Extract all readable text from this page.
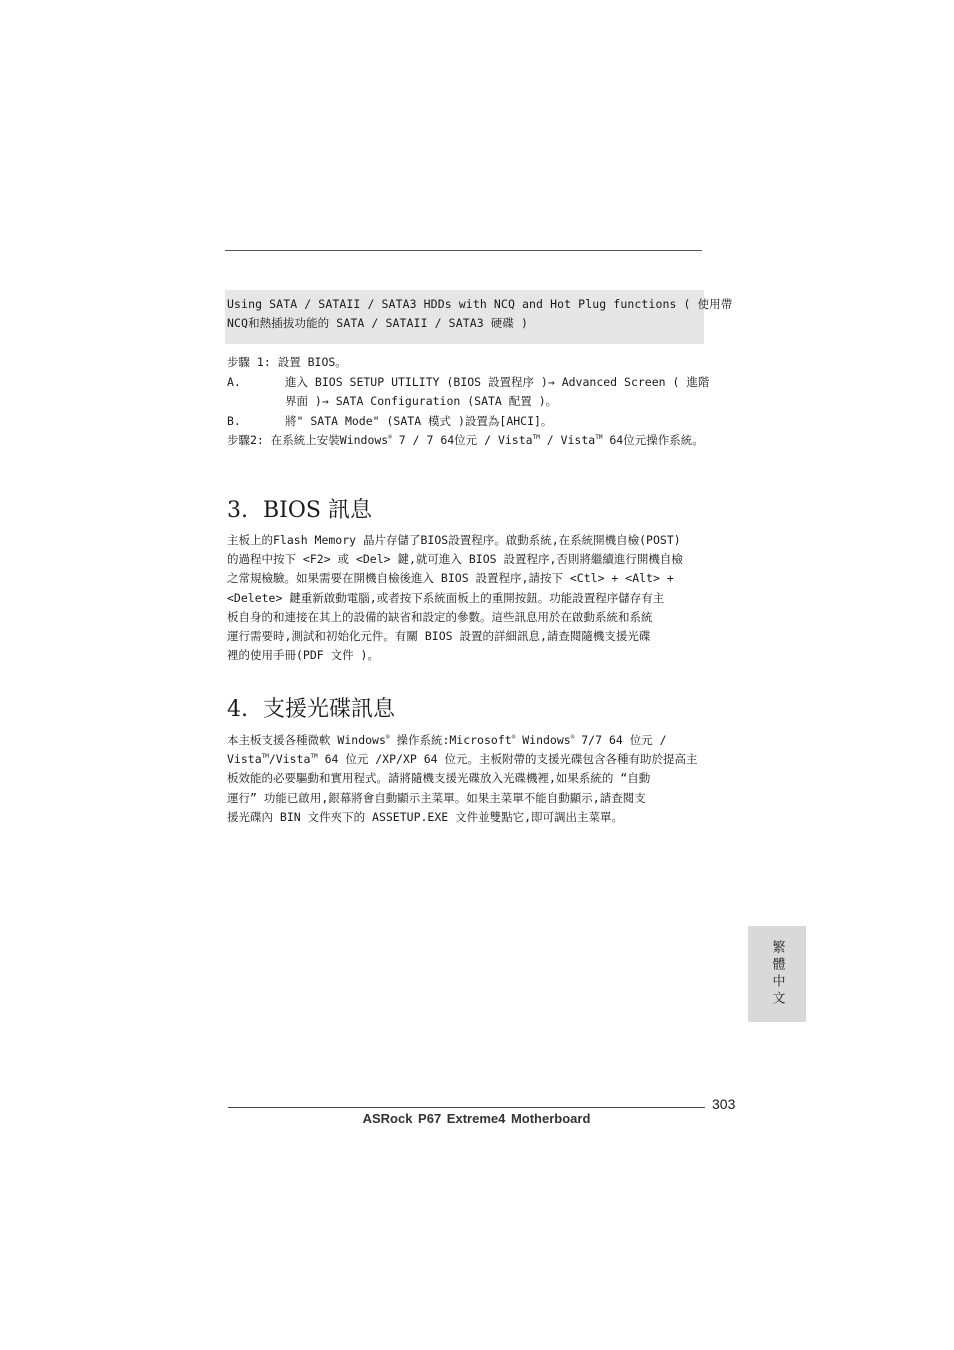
Using SATA / SATAII / SATA3 HDDs with NCQ and Hot Plug functions ( 使用帶

NCQ和熱插拔功能的 SATA / SATAII / SATA3 硬碟 )

步驟 1: 設置 BIOS。
A.	進入 BIOS SETUP UTILITY (BIOS 設置程序 )→ Advanced Screen ( 進階
界面 )→ SATA Configuration (SATA 配置 )。
B.	將" SATA Mode" (SATA 模式 )設置為[AHCI]。
步驟2: 在系統上安裝Windows® 7 / 7 64位元 / Vista™ / Vista™ 64位元操作系統。
3. BIOS 訊息
主板上的Flash Memory 晶片存儲了BIOS設置程序。啟動系統,在系統開機自檢(POST)
的過程中按下 <F2> 或 <Del> 鍵,就可進入 BIOS 設置程序,否則將繼續進行開機自檢
之常規檢驗。如果需要在開機自檢後進入 BIOS 設置程序,請按下 <Ctl> + <Alt> +
<Delete> 鍵重新啟動電腦,或者按下系統面板上的重開按鈕。功能設置程序儲存有主
板自身的和連接在其上的設備的缺省和設定的參數。這些訊息用於在啟動系統和系統
運行需要時,測試和初始化元件。有關 BIOS 設置的詳細訊息,請查閱隨機支援光碟
裡的使用手冊(PDF 文件 )。
4. 支援光碟訊息
本主板支援各種微軟 Windows® 操作系統:Microsoft® Windows® 7/7 64 位元 /
Vista™/Vista™ 64 位元 /XP/XP 64 位元。主板附帶的支援光碟包含各種有助於提高主
板效能的必要驅動和實用程式。請將隨機支援光碟放入光碟機裡,如果系統的 “自動
運行” 功能已啟用,銀幕將會自動顯示主菜單。如果主菜單不能自動顯示,請查閱支
援光碟內 BIN 文件夾下的 ASSETUP.EXE 文件並雙點它,即可調出主菜單。
繁體中文
303
ASRock P67 Extreme4 Motherboard
